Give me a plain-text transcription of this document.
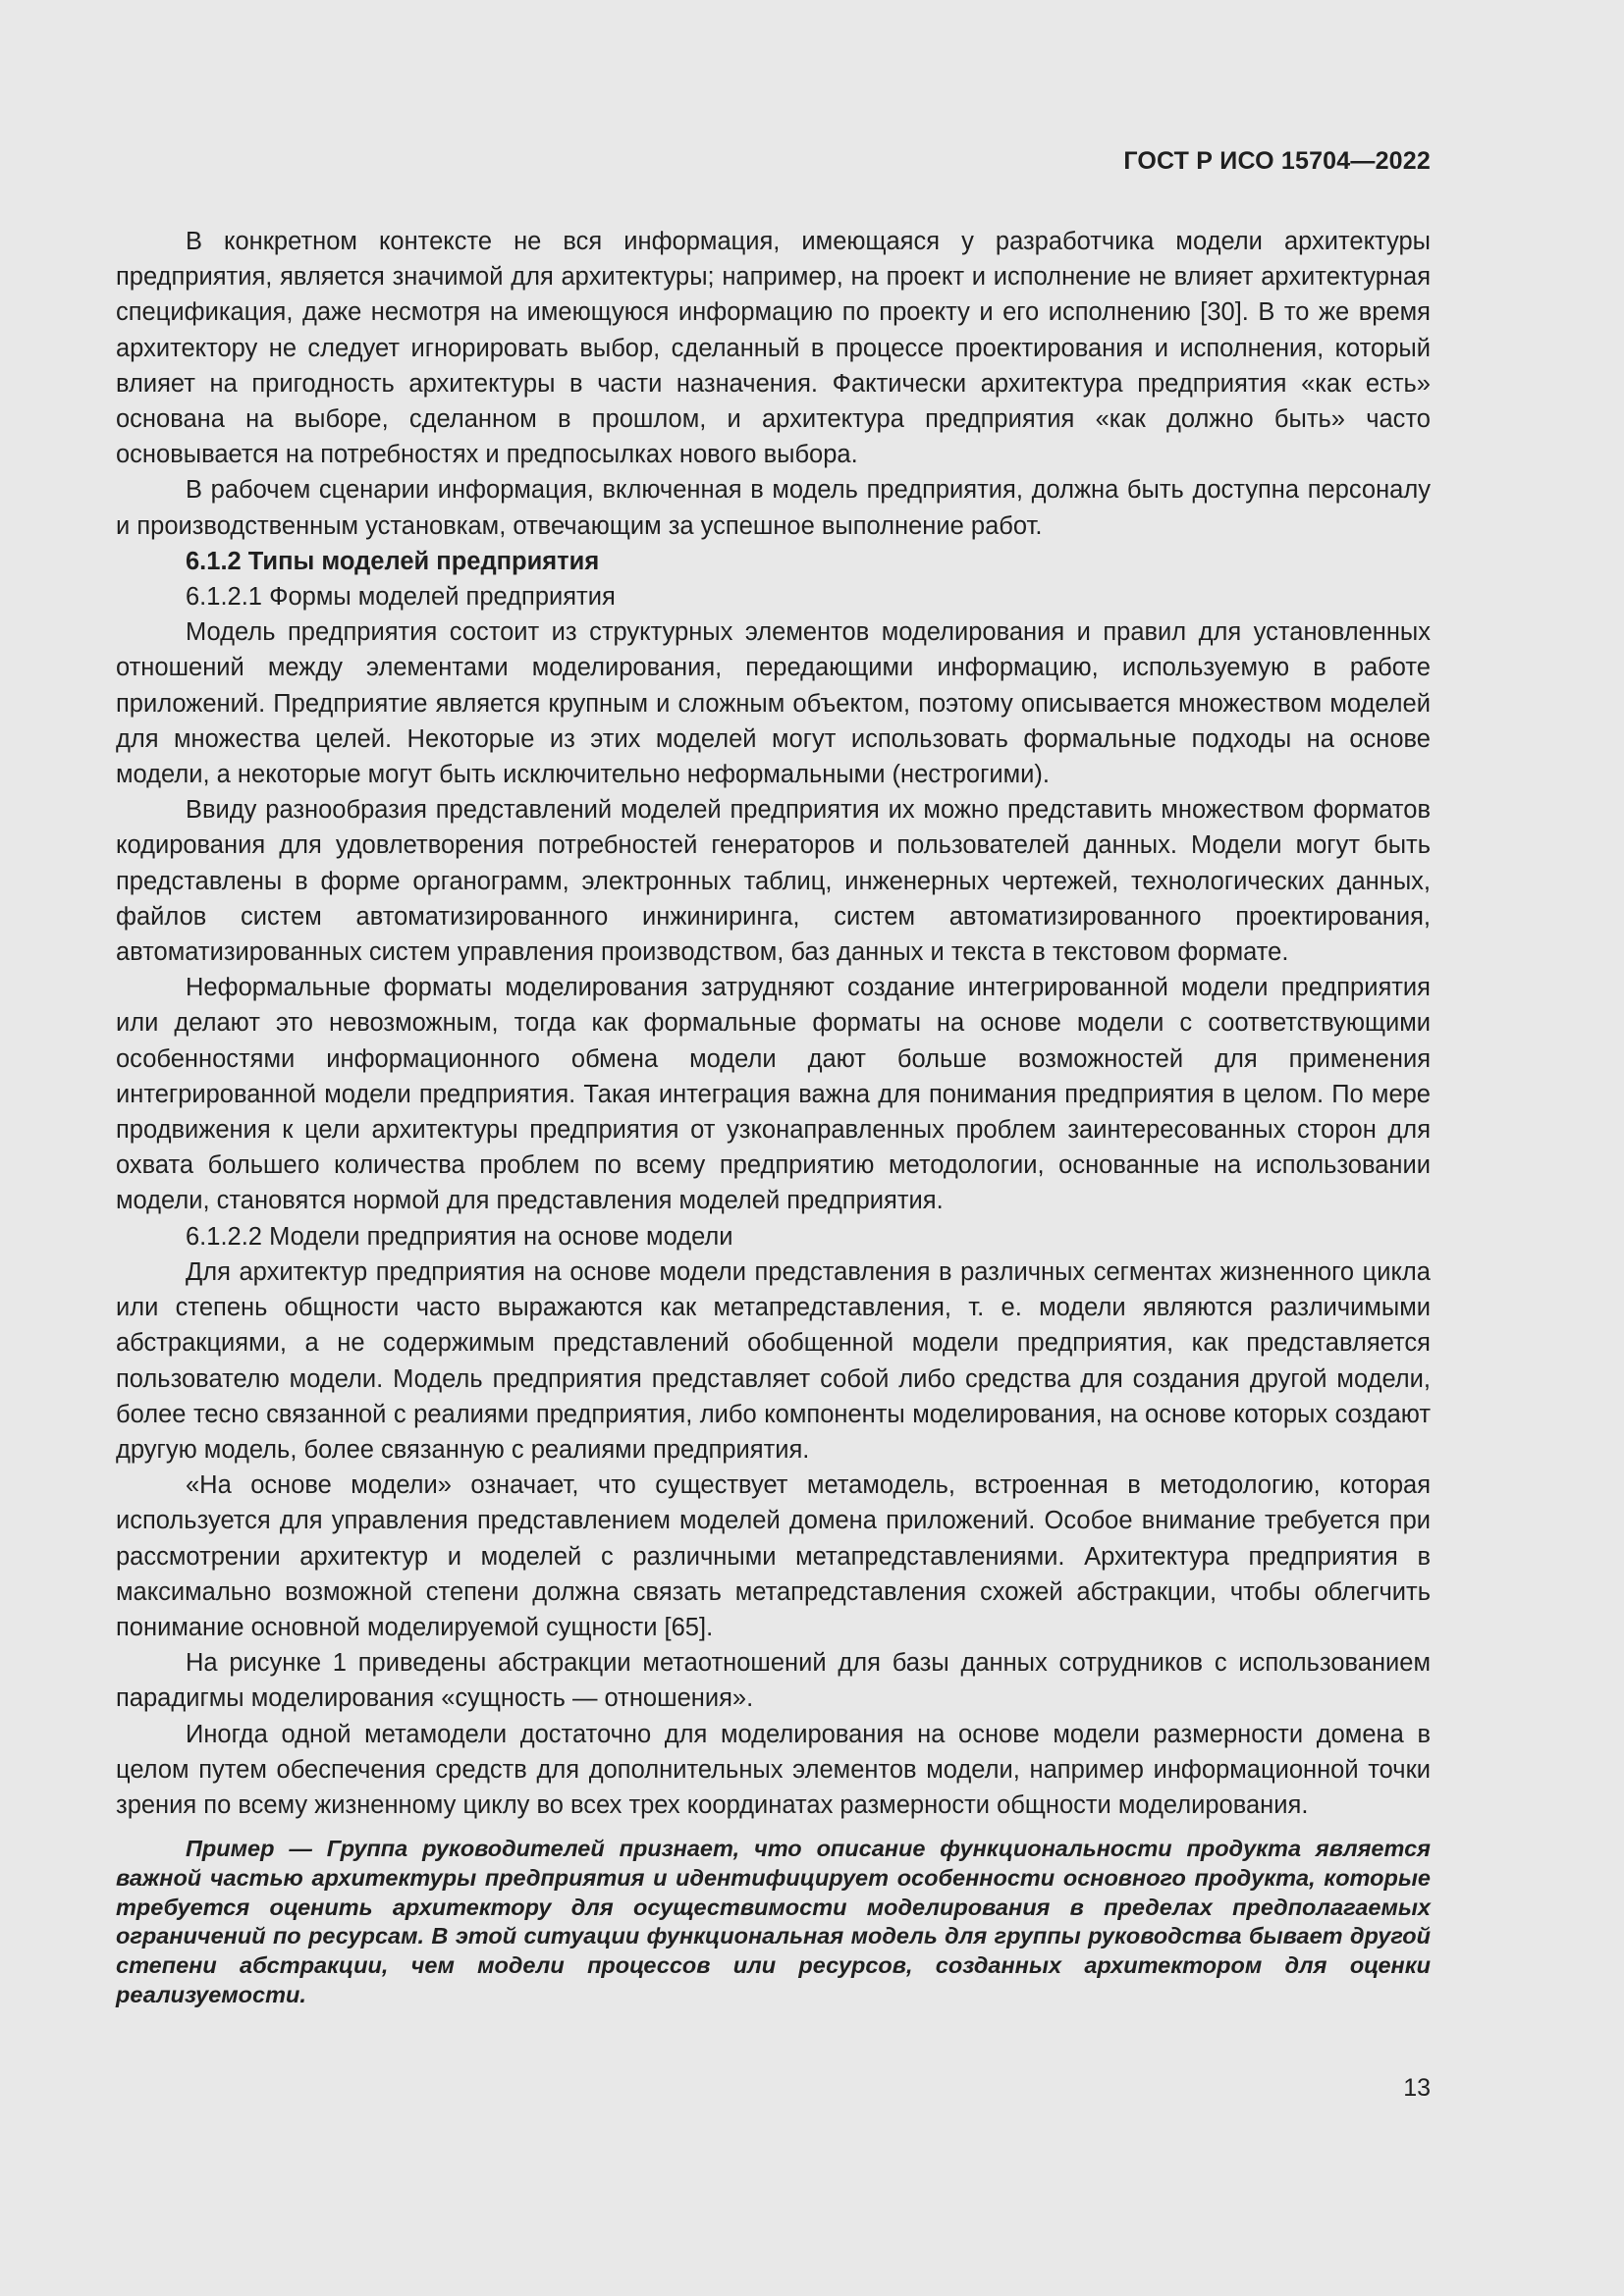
ГОСТ Р ИСО 15704—2022

В конкретном контексте не вся информация, имеющаяся у разработчика модели архитектуры предприятия, является значимой для архитектуры; например, на проект и исполнение не влияет архитектурная спецификация, даже несмотря на имеющуюся информацию по проекту и его исполнению [30]. В то же время архитектору не следует игнорировать выбор, сделанный в процессе проектирования и исполнения, который влияет на пригодность архитектуры в части назначения. Фактически архитектура предприятия «как есть» основана на выборе, сделанном в прошлом, и архитектура предприятия «как должно быть» часто основывается на потребностях и предпосылках нового выбора.

В рабочем сценарии информация, включенная в модель предприятия, должна быть доступна персоналу и производственным установкам, отвечающим за успешное выполнение работ.

6.1.2 Типы моделей предприятия

6.1.2.1 Формы моделей предприятия

Модель предприятия состоит из структурных элементов моделирования и правил для установленных отношений между элементами моделирования, передающими информацию, используемую в работе приложений. Предприятие является крупным и сложным объектом, поэтому описывается множеством моделей для множества целей. Некоторые из этих моделей могут использовать формальные подходы на основе модели, а некоторые могут быть исключительно неформальными (нестрогими).

Ввиду разнообразия представлений моделей предприятия их можно представить множеством форматов кодирования для удовлетворения потребностей генераторов и пользователей данных. Модели могут быть представлены в форме органограмм, электронных таблиц, инженерных чертежей, технологических данных, файлов систем автоматизированного инжиниринга, систем автоматизированного проектирования, автоматизированных систем управления производством, баз данных и текста в текстовом формате.

Неформальные форматы моделирования затрудняют создание интегрированной модели предприятия или делают это невозможным, тогда как формальные форматы на основе модели с соответствующими особенностями информационного обмена модели дают больше возможностей для применения интегрированной модели предприятия. Такая интеграция важна для понимания предприятия в целом. По мере продвижения к цели архитектуры предприятия от узконаправленных проблем заинтересованных сторон для охвата большего количества проблем по всему предприятию методологии, основанные на использовании модели, становятся нормой для представления моделей предприятия.

6.1.2.2 Модели предприятия на основе модели

Для архитектур предприятия на основе модели представления в различных сегментах жизненного цикла или степень общности часто выражаются как метапредставления, т. е. модели являются различимыми абстракциями, а не содержимым представлений обобщенной модели предприятия, как представляется пользователю модели. Модель предприятия представляет собой либо средства для создания другой модели, более тесно связанной с реалиями предприятия, либо компоненты моделирования, на основе которых создают другую модель, более связанную с реалиями предприятия.

«На основе модели» означает, что существует метамодель, встроенная в методологию, которая используется для управления представлением моделей домена приложений. Особое внимание требуется при рассмотрении архитектур и моделей с различными метапредставлениями. Архитектура предприятия в максимально возможной степени должна связать метапредставления схожей абстракции, чтобы облегчить понимание основной моделируемой сущности [65].

На рисунке 1 приведены абстракции метаотношений для базы данных сотрудников с использованием парадигмы моделирования «сущность — отношения».

Иногда одной метамодели достаточно для моделирования на основе модели размерности домена в целом путем обеспечения средств для дополнительных элементов модели, например информационной точки зрения по всему жизненному циклу во всех трех координатах размерности общности моделирования.

Пример — Группа руководителей признает, что описание функциональности продукта является важной частью архитектуры предприятия и идентифицирует особенности основного продукта, которые требуется оценить архитектору для осуществимости моделирования в пределах предполагаемых ограничений по ресурсам. В этой ситуации функциональная модель для группы руководства бывает другой степени абстракции, чем модели процессов или ресурсов, созданных архитектором для оценки реализуемости.

13
